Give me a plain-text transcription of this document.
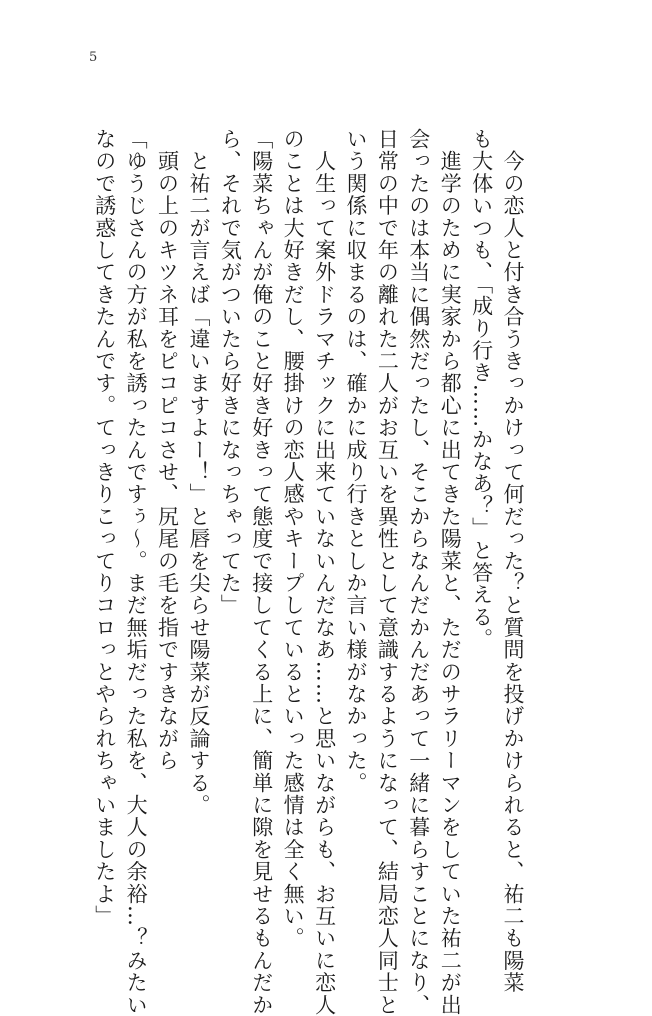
5
　今の恋人と付き合うきっかけって何だった？と質問を投げかけられると、祐二も陽菜
も大体いつも、「成り行き……かなあ？」と答える。
　進学のために実家から都心に出てきた陽菜と、ただのサラリーマンをしていた祐二が出
会ったのは本当に偶然だったし、そこからなんだかんだあって一緒に暮らすことになり、
日常の中で年の離れた二人がお互いを異性として意識するようになって、結局恋人同士と
いう関係に収まるのは、確かに成り行きとしか言い様がなかった。
　人生って案外ドラマチックに出来ていないんだなあ……と思いながらも、お互いに恋人
のことは大好きだし、腰掛けの恋人感やキープしているといった感情は全く無い。
「陽菜ちゃんが俺のこと好き好きって態度で接してくる上に、簡単に隙を見せるもんだか
ら、それで気がついたら好きになっちゃってた」
　と祐二が言えば「違いますよー！」と唇を尖らせ陽菜が反論する。
　頭の上のキツネ耳をピコピコさせ、尻尾の毛を指ですきながら
「ゆうじさんの方が私を誘ったんですぅ～。まだ無垢だった私を、大人の余裕…？みたい
なので誘惑してきたんです。てっきりこってりコロっとやられちゃいましたよ」
